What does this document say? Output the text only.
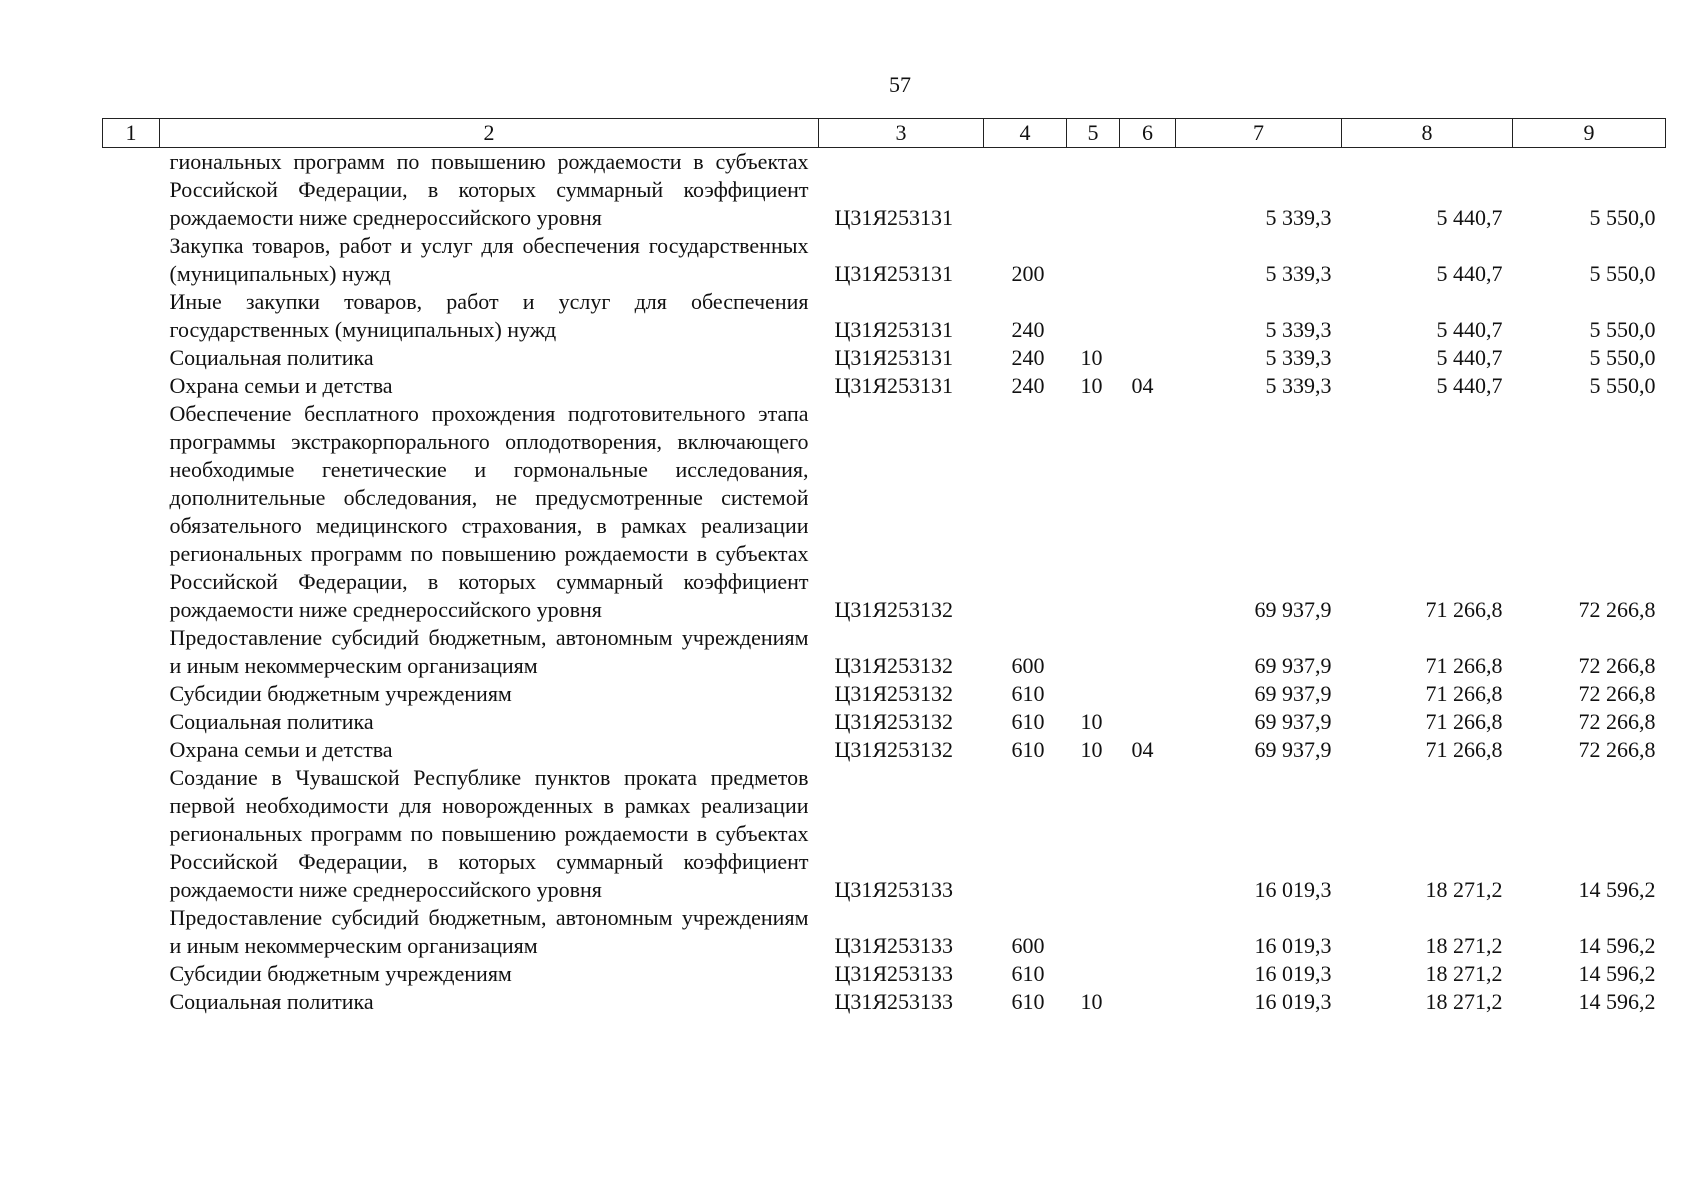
57
1	2	3	4	5	6	7	8	9
	гиональных программ по повышению рождаемости в субъектах Российской Федерации, в которых суммарный коэффициент рождаемости ниже среднероссийского уровня	Ц31Я253131				5 339,3	5 440,7	5 550,0
	Закупка товаров, работ и услуг для обеспечения государственных (муниципальных) нужд	Ц31Я253131	200			5 339,3	5 440,7	5 550,0
	Иные закупки товаров, работ и услуг для обеспечения государственных (муниципальных) нужд	Ц31Я253131	240			5 339,3	5 440,7	5 550,0
	Социальная политика	Ц31Я253131	240	10		5 339,3	5 440,7	5 550,0
	Охрана семьи и детства	Ц31Я253131	240	10	04	5 339,3	5 440,7	5 550,0
	Обеспечение бесплатного прохождения подготовительного этапа программы экстракорпорального оплодотворения, включающего необходимые генетические и гормональные исследования, дополнительные обследования, не предусмотренные системой обязательного медицинского страхования, в рамках реализации региональных программ по повышению рождаемости в субъектах Российской Федерации, в которых суммарный коэффициент рождаемости ниже среднероссийского уровня	Ц31Я253132				69 937,9	71 266,8	72 266,8
	Предоставление субсидий бюджетным, автономным учреждениям и иным некоммерческим организациям	Ц31Я253132	600			69 937,9	71 266,8	72 266,8
	Субсидии бюджетным учреждениям	Ц31Я253132	610			69 937,9	71 266,8	72 266,8
	Социальная политика	Ц31Я253132	610	10		69 937,9	71 266,8	72 266,8
	Охрана семьи и детства	Ц31Я253132	610	10	04	69 937,9	71 266,8	72 266,8
	Создание в Чувашской Республике пунктов проката предметов первой необходимости для новорожденных в рамках реализации региональных программ по повышению рождаемости в субъектах Российской Федерации, в которых суммарный коэффициент рождаемости ниже среднероссийского уровня	Ц31Я253133				16 019,3	18 271,2	14 596,2
	Предоставление субсидий бюджетным, автономным учреждениям и иным некоммерческим организациям	Ц31Я253133	600			16 019,3	18 271,2	14 596,2
	Субсидии бюджетным учреждениям	Ц31Я253133	610			16 019,3	18 271,2	14 596,2
	Социальная политика	Ц31Я253133	610	10		16 019,3	18 271,2	14 596,2
